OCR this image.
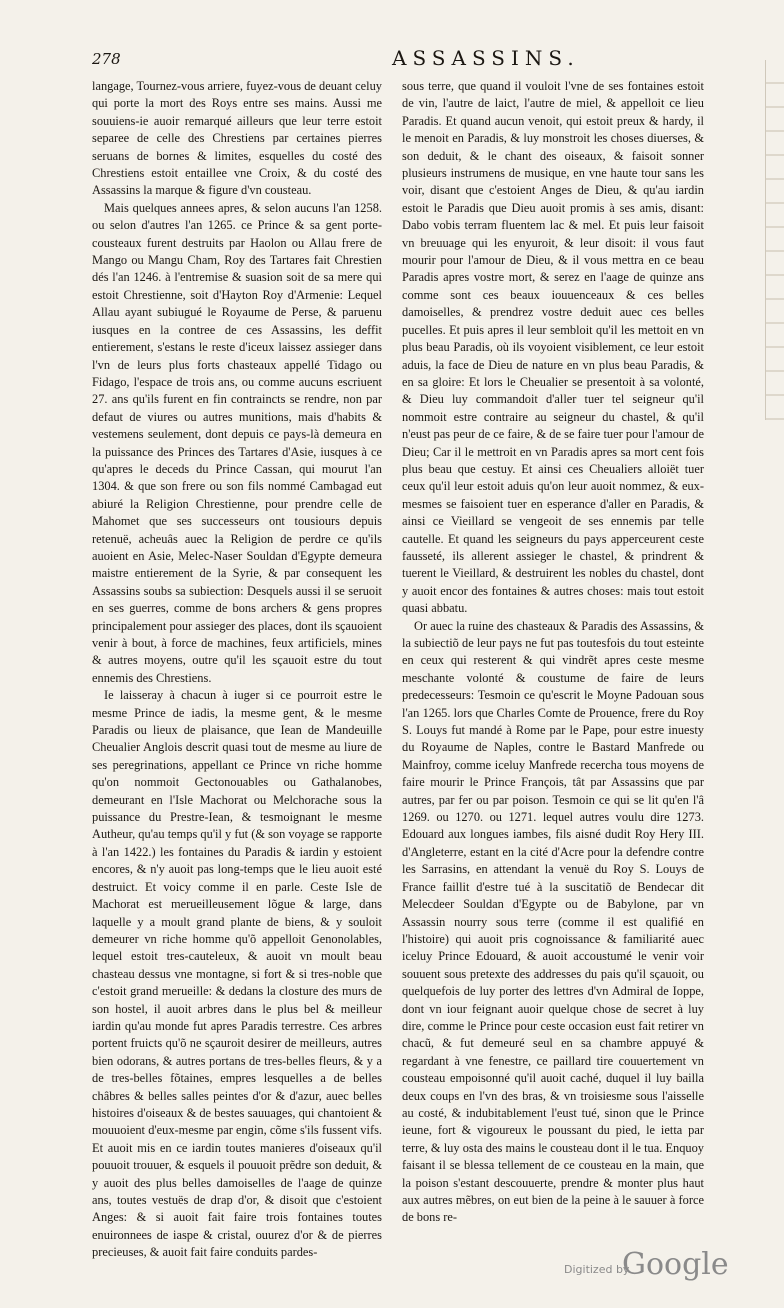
278	ASSASSINS.

langage, Tournez-vous arriere, fuyez-vous de deuant celuy qui porte la mort des Roys entre ses mains. Aussi me souuiens-ie auoir remarqué ailleurs que leur terre estoit separee de celle des Chrestiens par certaines pierres seruans de bornes & limites, esquelles du costé des Chrestiens estoit entaillee vne Croix, & du costé des Assassins la marque & figure d'vn cousteau.

Mais quelques annees apres, & selon aucuns l'an 1258. ou selon d'autres l'an 1265. ce Prince & sa gent porte-cousteaux furent destruits par Haolon ou Allau frere de Mango ou Mangu Cham, Roy des Tartares fait Chrestien dés l'an 1246. à l'entremise & suasion soit de sa mere qui estoit Chrestienne, soit d'Hayton Roy d'Armenie: Lequel Allau ayant subiugué le Royaume de Perse, & paruenu iusques en la contree de ces Assassins, les deffit entierement, s'estans le reste d'iceux laissez assieger dans l'vn de leurs plus forts chasteaux appellé Tidago ou Fidago, l'espace de trois ans, ou comme aucuns escriuent 27. ans qu'ils furent en fin contraincts se rendre, non par defaut de viures ou autres munitions, mais d'habits & vestemens seulement, dont depuis ce pays-là demeura en la puissance des Princes des Tartares d'Asie, iusques à ce qu'apres le deceds du Prince Cassan, qui mourut l'an 1304. & que son frere ou son fils nommé Cambagad eut abiuré la Religion Chrestienne, pour prendre celle de Mahomet que ses successeurs ont tousiours depuis retenuë, acheuâs auec la Religion de perdre ce qu'ils auoient en Asie, Melec-Naser Souldan d'Egypte demeura maistre entierement de la Syrie, & par consequent les Assassins soubs sa subiection: Desquels aussi il se seruoit en ses guerres, comme de bons archers & gens propres principalement pour assieger des places, dont ils sçauoient venir à bout, à force de machines, feux artificiels, mines & autres moyens, outre qu'il les sçauoit estre du tout ennemis des Chrestiens.

Ie laisseray à chacun à iuger si ce pourroit estre le mesme Prince de iadis, la mesme gent, & le mesme Paradis ou lieux de plaisance, que Iean de Mandeuille Cheualier Anglois descrit quasi tout de mesme au liure de ses peregrinations, appellant ce Prince vn riche homme qu'on nommoit Gectonouables ou Gathalanobes, demeurant en l'Isle Machorat ou Melchorache sous la puissance du Prestre-Iean, & tesmoignant le mesme Autheur, qu'au temps qu'il y fut (& son voyage se rapporte à l'an 1422.) les fontaines du Paradis & iardin y estoient encores, & n'y auoit pas long-temps que le lieu auoit esté destruict. Et voicy comme il en parle. Ceste Isle de Machorat est merueilleusement lõgue & large, dans laquelle y a moult grand plante de biens, & y souloit demeurer vn riche homme qu'õ appelloit Genonolables, lequel estoit tres-cauteleux, & auoit vn moult beau chasteau dessus vne montagne, si fort & si tres-noble que c'estoit grand merueille: & dedans la closture des murs de son hostel, il auoit arbres dans le plus bel & meilleur iardin qu'au monde fut apres Paradis terrestre. Ces arbres portent fruicts qu'õ ne sçauroit desirer de meilleurs, autres bien odorans, & autres portans de tres-belles fleurs, & y a de tres-belles fõtaines, empres lesquelles a de belles châbres & belles salles peintes d'or & d'azur, auec belles histoires d'oiseaux & de bestes sauuages, qui chantoient & mouuoient d'eux-mesme par engin, cõme s'ils fussent vifs. Et auoit mis en ce iardin toutes manieres d'oiseaux qu'il pouuoit trouuer, & esquels il pouuoit prẽdre son deduit, & y auoit des plus belles damoiselles de l'aage de quinze ans, toutes vestuës de drap d'or, & disoit que c'estoient Anges: & si auoit fait faire trois fontaines toutes enuironnees de iaspe & cristal, ouurez d'or & de pierres precieuses, & auoit fait faire conduits pardes-

sous terre, que quand il vouloit l'vne de ses fontaines estoit de vin, l'autre de laict, l'autre de miel, & appelloit ce lieu Paradis. Et quand aucun venoit, qui estoit preux & hardy, il le menoit en Paradis, & luy monstroit les choses diuerses, & son deduit, & le chant des oiseaux, & faisoit sonner plusieurs instrumens de musique, en vne haute tour sans les voir, disant que c'estoient Anges de Dieu, & qu'au iardin estoit le Paradis que Dieu auoit promis à ses amis, disant: Dabo vobis terram fluentem lac & mel. Et puis leur faisoit vn breuuage qui les enyuroit, & leur disoit: il vous faut mourir pour l'amour de Dieu, & il vous mettra en ce beau Paradis apres vostre mort, & serez en l'aage de quinze ans comme sont ces beaux iouuenceaux & ces belles damoiselles, & prendrez vostre deduit auec ces belles pucelles. Et puis apres il leur sembloit qu'il les mettoit en vn plus beau Paradis, où ils voyoient visiblement, ce leur estoit aduis, la face de Dieu de nature en vn plus beau Paradis, & en sa gloire: Et lors le Cheualier se presentoit à sa volonté, & Dieu luy commandoit d'aller tuer tel seigneur qu'il nommoit estre contraire au seigneur du chastel, & qu'il n'eust pas peur de ce faire, & de se faire tuer pour l'amour de Dieu; Car il le mettroit en vn Paradis apres sa mort cent fois plus beau que cestuy. Et ainsi ces Cheualiers alloiët tuer ceux qu'il leur estoit aduis qu'on leur auoit nommez, & eux-mesmes se faisoient tuer en esperance d'aller en Paradis, & ainsi ce Vieillard se vengeoit de ses ennemis par telle cautelle. Et quand les seigneurs du pays apperceurent ceste fausseté, ils allerent assieger le chastel, & prindrent & tuerent le Vieillard, & destruirent les nobles du chastel, dont y auoit encor des fontaines & autres choses: mais tout estoit quasi abbatu.

Or auec la ruine des chasteaux & Paradis des Assassins, & la subiectiõ de leur pays ne fut pas toutesfois du tout esteinte en ceux qui resterent & qui vindrẽt apres ceste mesme meschante volonté & coustume de faire de leurs predecesseurs: Tesmoin ce qu'escrit le Moyne Padouan sous l'an 1265. lors que Charles Comte de Prouence, frere du Roy S. Louys fut mandé à Rome par le Pape, pour estre inuesty du Royaume de Naples, contre le Bastard Manfrede ou Mainfroy, comme iceluy Manfrede recercha tous moyens de faire mourir le Prince François, tât par Assassins que par autres, par fer ou par poison. Tesmoin ce qui se lit qu'en l'â 1269. ou 1270. ou 1271. lequel autres voulu dire 1273. Edouard aux longues iambes, fils aisné dudit Roy Hery III. d'Angleterre, estant en la cité d'Acre pour la defendre contre les Sarrasins, en attendant la venuë du Roy S. Louys de France faillit d'estre tué à la suscitatiõ de Bendecar dit Melecdeer Souldan d'Egypte ou de Babylone, par vn Assassin nourry sous terre (comme il est qualifié en l'histoire) qui auoit pris cognoissance & familiarité auec iceluy Prince Edouard, & auoit accoustumé le venir voir souuent sous pretexte des addresses du pais qu'il sçauoit, ou quelquefois de luy porter des lettres d'vn Admiral de Ioppe, dont vn iour feignant auoir quelque chose de secret à luy dire, comme le Prince pour ceste occasion eust fait retirer vn chacũ, & fut demeuré seul en sa chambre appuyé & regardant à vne fenestre, ce paillard tire couuertement vn cousteau empoisonné qu'il auoit caché, duquel il luy bailla deux coups en l'vn des bras, & vn troisiesme sous l'aisselle au costé, & indubitablement l'eust tué, sinon que le Prince ieune, fort & vigoureux le poussant du pied, le ietta par terre, & luy osta des mains le cousteau dont il le tua. Enquoy faisant il se blessa tellement de ce cousteau en la main, que la poison s'estant descouuerte, prendre & monter plus haut aux autres mẽbres, on eut bien de la peine à le sauuer à force de bons re-

Digitized by
Google
